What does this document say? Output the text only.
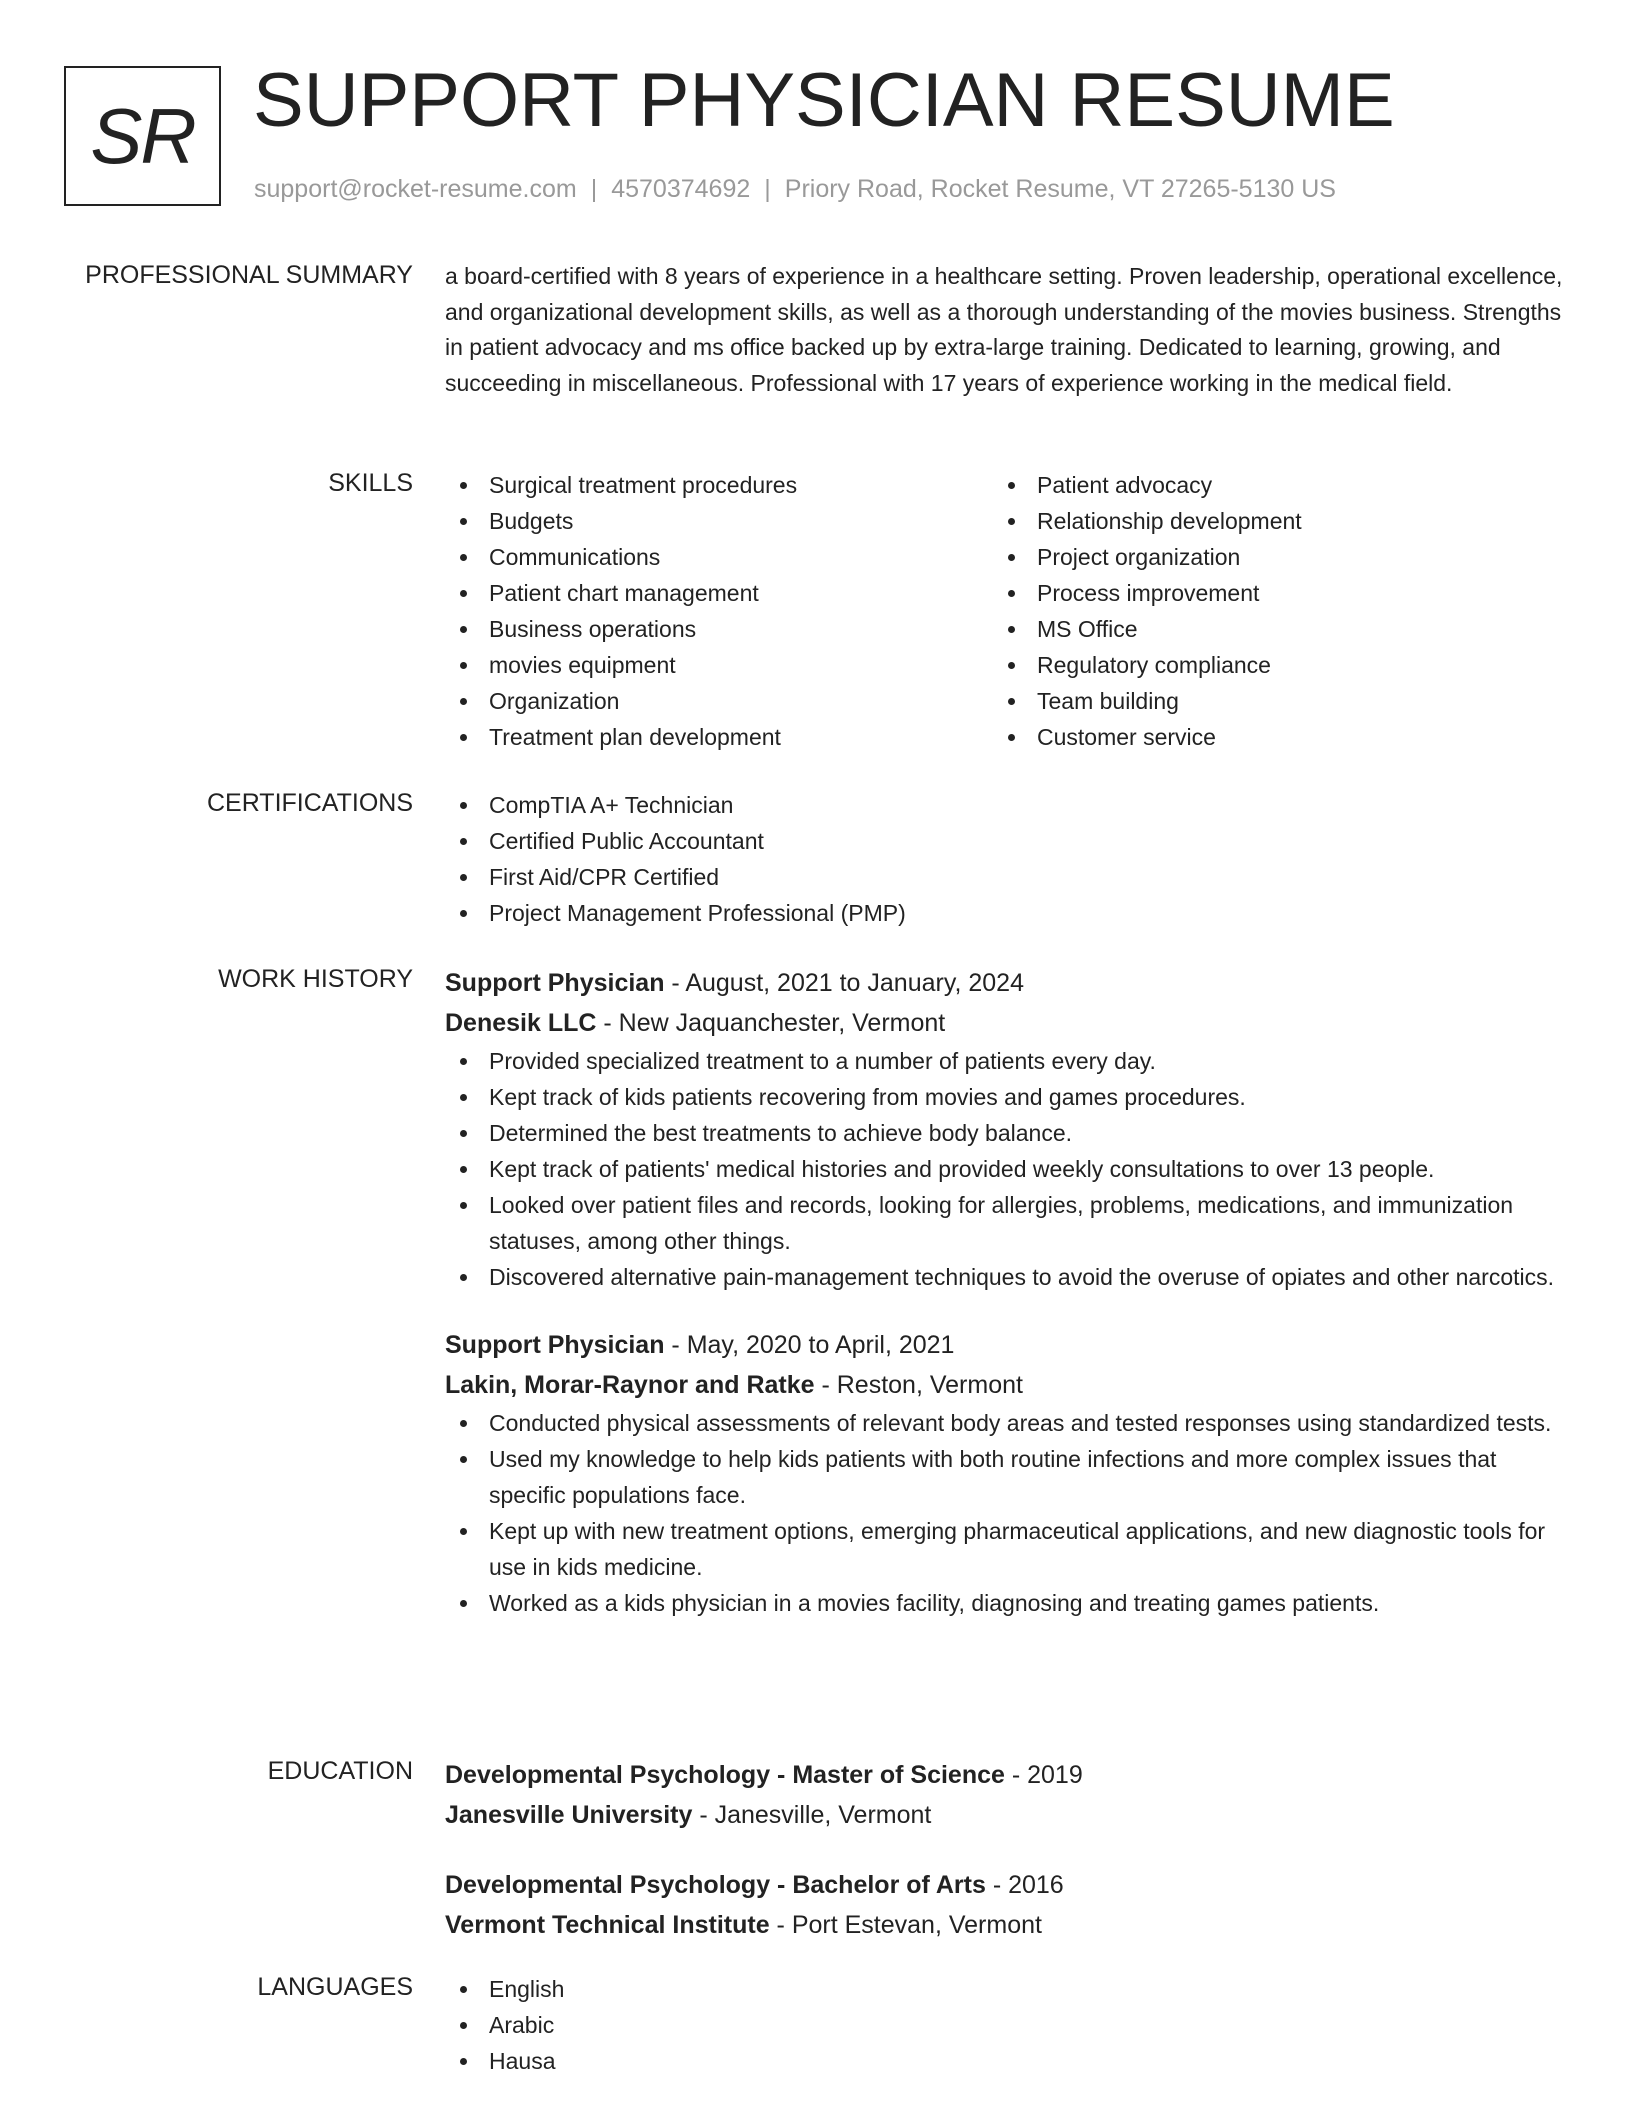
SR SUPPORT PHYSICIAN RESUME
support@rocket-resume.com | 4570374692 | Priory Road, Rocket Resume, VT 27265-5130 US
PROFESSIONAL SUMMARY a board-certified with 8 years of experience in a healthcare setting. Proven leadership, operational excellence, and organizational development skills, as well as a thorough understanding of the movies business. Strengths in patient advocacy and ms office backed up by extra-large training. Dedicated to learning, growing, and succeeding in miscellaneous. Professional with 17 years of experience working in the medical field.

SKILLS	Surgical treatment procedures
Budgets
Communications
Patient chart management
Business operations
movies equipment
Organization
Treatment plan development
Patient advocacy
Relationship development
Project organization
Process improvement
MS Office
Regulatory compliance
Team building
Customer service
CERTIFICATIONS	CompTIA A+ Technician
Certified Public Accountant
First Aid/CPR Certified
Project Management Professional (PMP)
WORK HISTORY Support Physician - August, 2021 to January, 2024
Denesik LLC - New Jaquanchester, Vermont
Provided specialized treatment to a number of patients every day.
Kept track of kids patients recovering from movies and games procedures.
Determined the best treatments to achieve body balance.
Kept track of patients' medical histories and provided weekly consultations to over 13 people.
Looked over patient files and records, looking for allergies, problems, medications, and immunization statuses, among other things.
Discovered alternative pain-management techniques to avoid the overuse of opiates and other narcotics.
Support Physician - May, 2020 to April, 2021
Lakin, Morar-Raynor and Ratke - Reston, Vermont
Conducted physical assessments of relevant body areas and tested responses using standardized tests.
Used my knowledge to help kids patients with both routine infections and more complex issues that specific populations face.
Kept up with new treatment options, emerging pharmaceutical applications, and new diagnostic tools for use in kids medicine.
Worked as a kids physician in a movies facility, diagnosing and treating games patients.
EDUCATION Developmental Psychology - Master of Science - 2019
Janesville University - Janesville, Vermont
Developmental Psychology - Bachelor of Arts - 2016
Vermont Technical Institute - Port Estevan, Vermont
LANGUAGES	English
Arabic
Hausa
